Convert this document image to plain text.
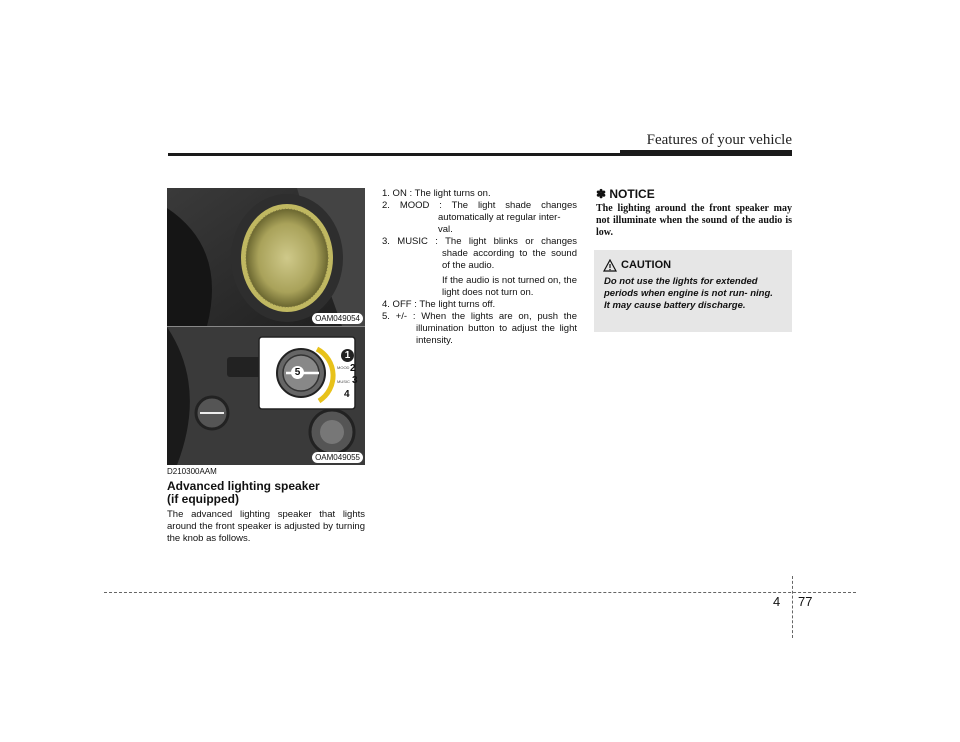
Features of your vehicle
OAM049054
1
2
3
4
5	MOOD
MUSIC
OAM049055
D210300AAM
Advanced lighting speaker
(if equipped)
The advanced lighting speaker that lights around the front speaker is adjusted by turning the knob as follows.
1. ON : The light turns on.
2. MOOD : The light shade changes
automatically at regular inter- val.
3. MUSIC : The light blinks or changes
shade according to the sound of the audio.
If the audio is not turned on, the light does not turn on.
4. OFF : The light turns off.
5. +/- : When the lights are on, push the
illumination button to adjust the light intensity.
✽ NOTICE
The lighting around the front speaker may not illuminate when the sound of the audio is low.
CAUTION
Do not use the lights for extended periods when engine is not run- ning.
It may cause battery discharge.
4 77
